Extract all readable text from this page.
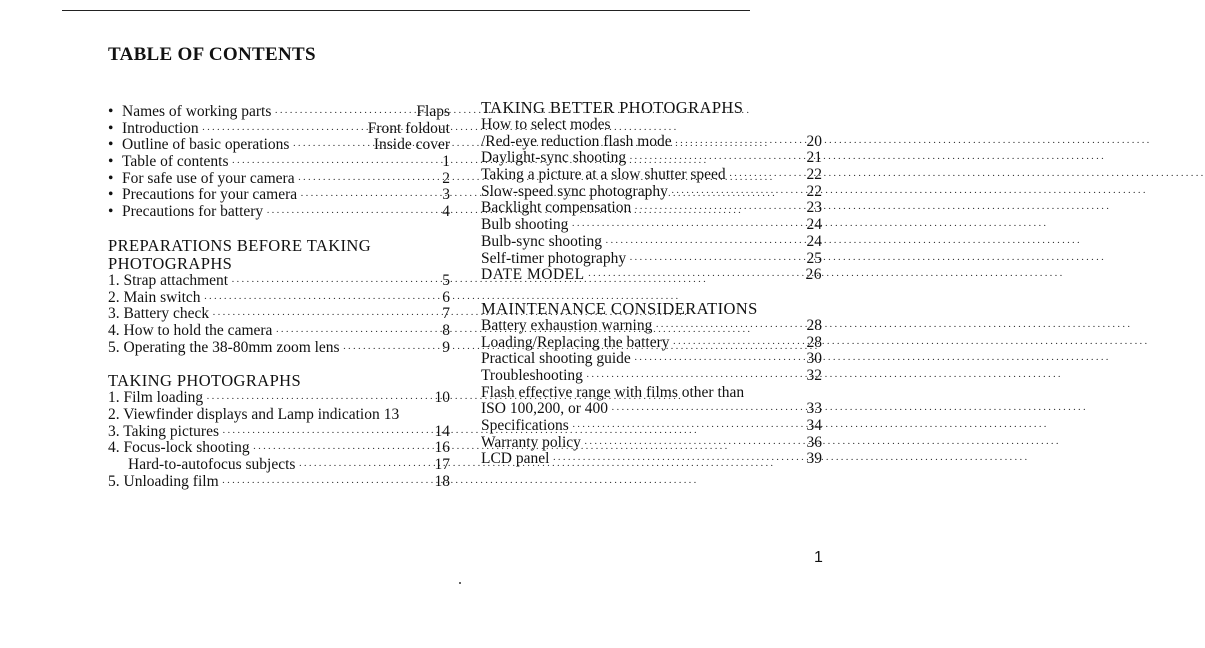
TABLE OF CONTENTS
• Names of working parts ·····	Flaps
• Introduction ·····	Front foldout
• Outline of basic operations ·····	Inside cover
• Table of contents ·····	1
• For safe use of your camera ·····	2
• Precautions for your camera ·····	3
• Precautions for battery ·····	4
PREPARATIONS BEFORE TAKING
PHOTOGRAPHS
1. Strap attachment ·····	5
2. Main switch ·····	6
3. Battery check ·····	7
4. How to hold the camera ·····	8
5. Operating the 38-80mm zoom lens ·····	9
TAKING PHOTOGRAPHS
1. Film loading ·····	10
2. Viewfinder displays and Lamp indication 13
3. Taking pictures ·····	14
4. Focus-lock shooting ·····	16
Hard-to-autofocus subjects ·····	17
5. Unloading film ·····	18
TAKING BETTER PHOTOGRAPHS
How to select modes
/Red-eye reduction flash mode ·····	20
Daylight-sync shooting ·····	21
Taking a picture at a slow shutter speed ·····	22
Slow-speed sync photography ·····	22
Backlight compensation ·····	23
Bulb shooting ·····	24
Bulb-sync shooting ·····	24
Self-timer photography ·····	25
DATE MODEL ·····	26
MAINTENANCE CONSIDERATIONS
Battery exhaustion warning ·····	28
Loading/Replacing the battery ·····	28
Practical shooting guide ·····	30
Troubleshooting ·····	32
Flash effective range with films other than
ISO 100,200, or 400 ·····	33
Specifications ·····	34
Warranty policy ·····	36
LCD panel ·····	39
1
